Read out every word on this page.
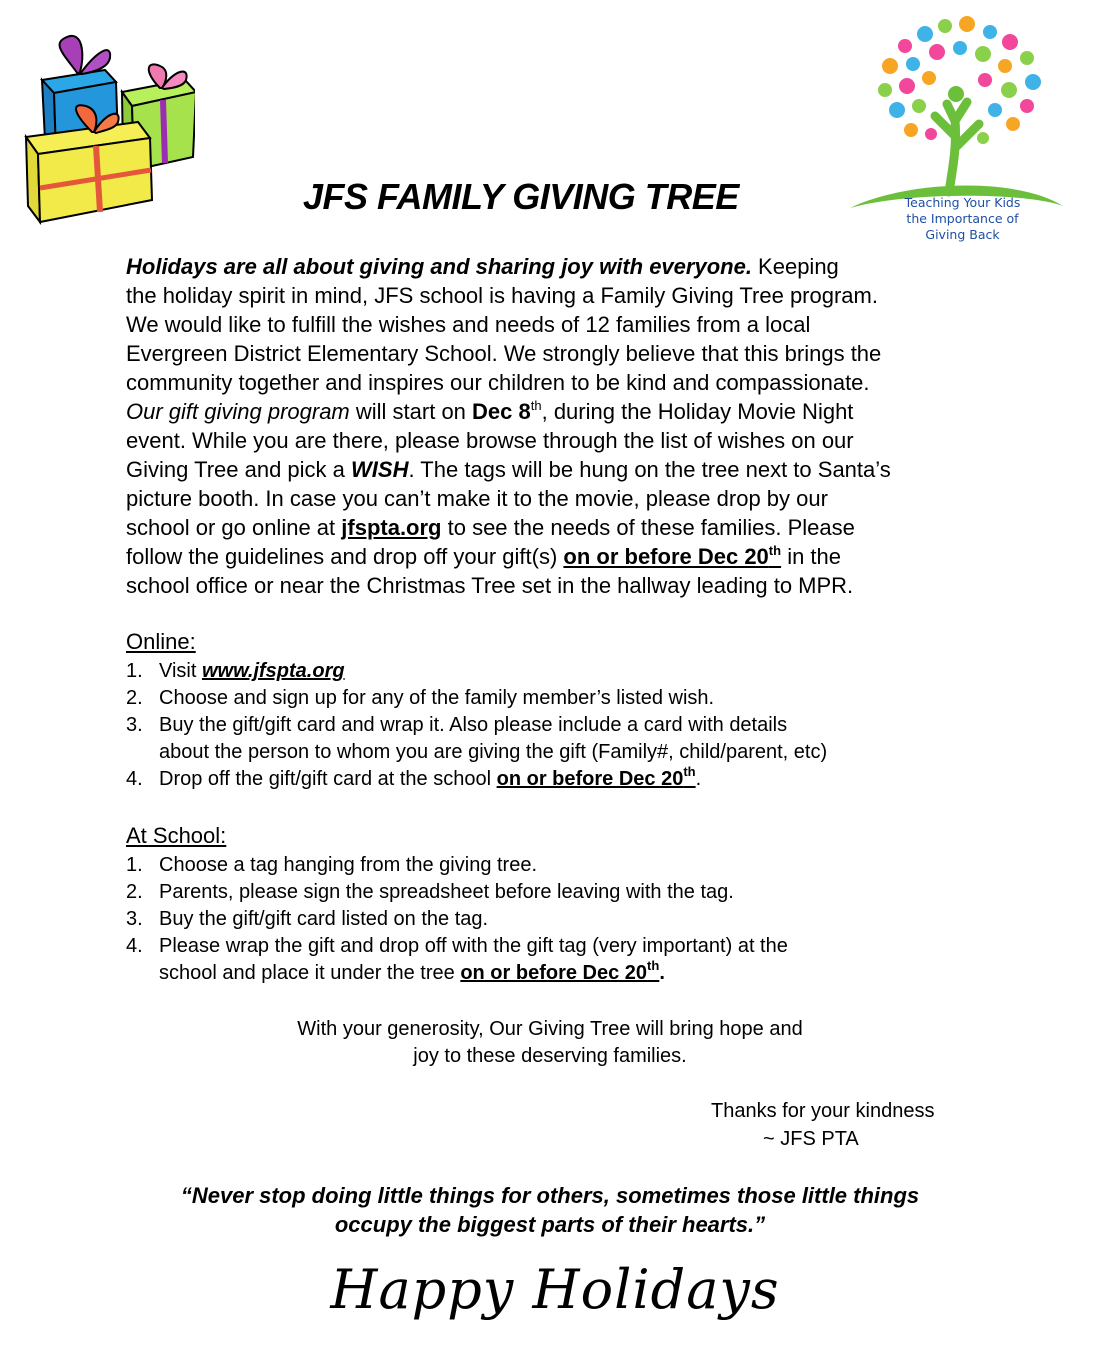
Teaching Your Kids
the Importance of
Giving Back
JFS FAMILY GIVING TREE
Holidays are all about giving and sharing joy with everyone. Keeping
the holiday spirit in mind, JFS school is having a Family Giving Tree program.
We would like to fulfill the wishes and needs of 12 families from a local
Evergreen District Elementary School. We strongly believe that this brings the
community together and inspires our children to be kind and compassionate.
Our gift giving program will start on Dec 8th, during the Holiday Movie Night
event. While you are there, please browse through the list of wishes on our
Giving Tree and pick a WISH. The tags will be hung on the tree next to Santa’s
picture booth. In case you can’t make it to the movie, please drop by our
school or go online at jfspta.org to see the needs of these families. Please
follow the guidelines and drop off your gift(s) on or before Dec 20th in the
school office or near the Christmas Tree set in the hallway leading to MPR.
Online:
1. Visit www.jfspta.org
2. Choose and sign up for any of the family member’s listed wish.
3. Buy the gift/gift card and wrap it. Also please include a card with details
about the person to whom you are giving the gift (Family#, child/parent, etc)
4. Drop off the gift/gift card at the school on or before Dec 20th.
At School:
1. Choose a tag hanging from the giving tree.
2. Parents, please sign the spreadsheet before leaving with the tag.
3. Buy the gift/gift card listed on the tag.
4. Please wrap the gift and drop off with the gift tag (very important) at the
school and place it under the tree on or before Dec 20th.
With your generosity, Our Giving Tree will bring hope and
joy to these deserving families.
Thanks for your kindness
~ JFS PTA
“Never stop doing little things for others, sometimes those little things
occupy the biggest parts of their hearts.”
Happy Holidays
